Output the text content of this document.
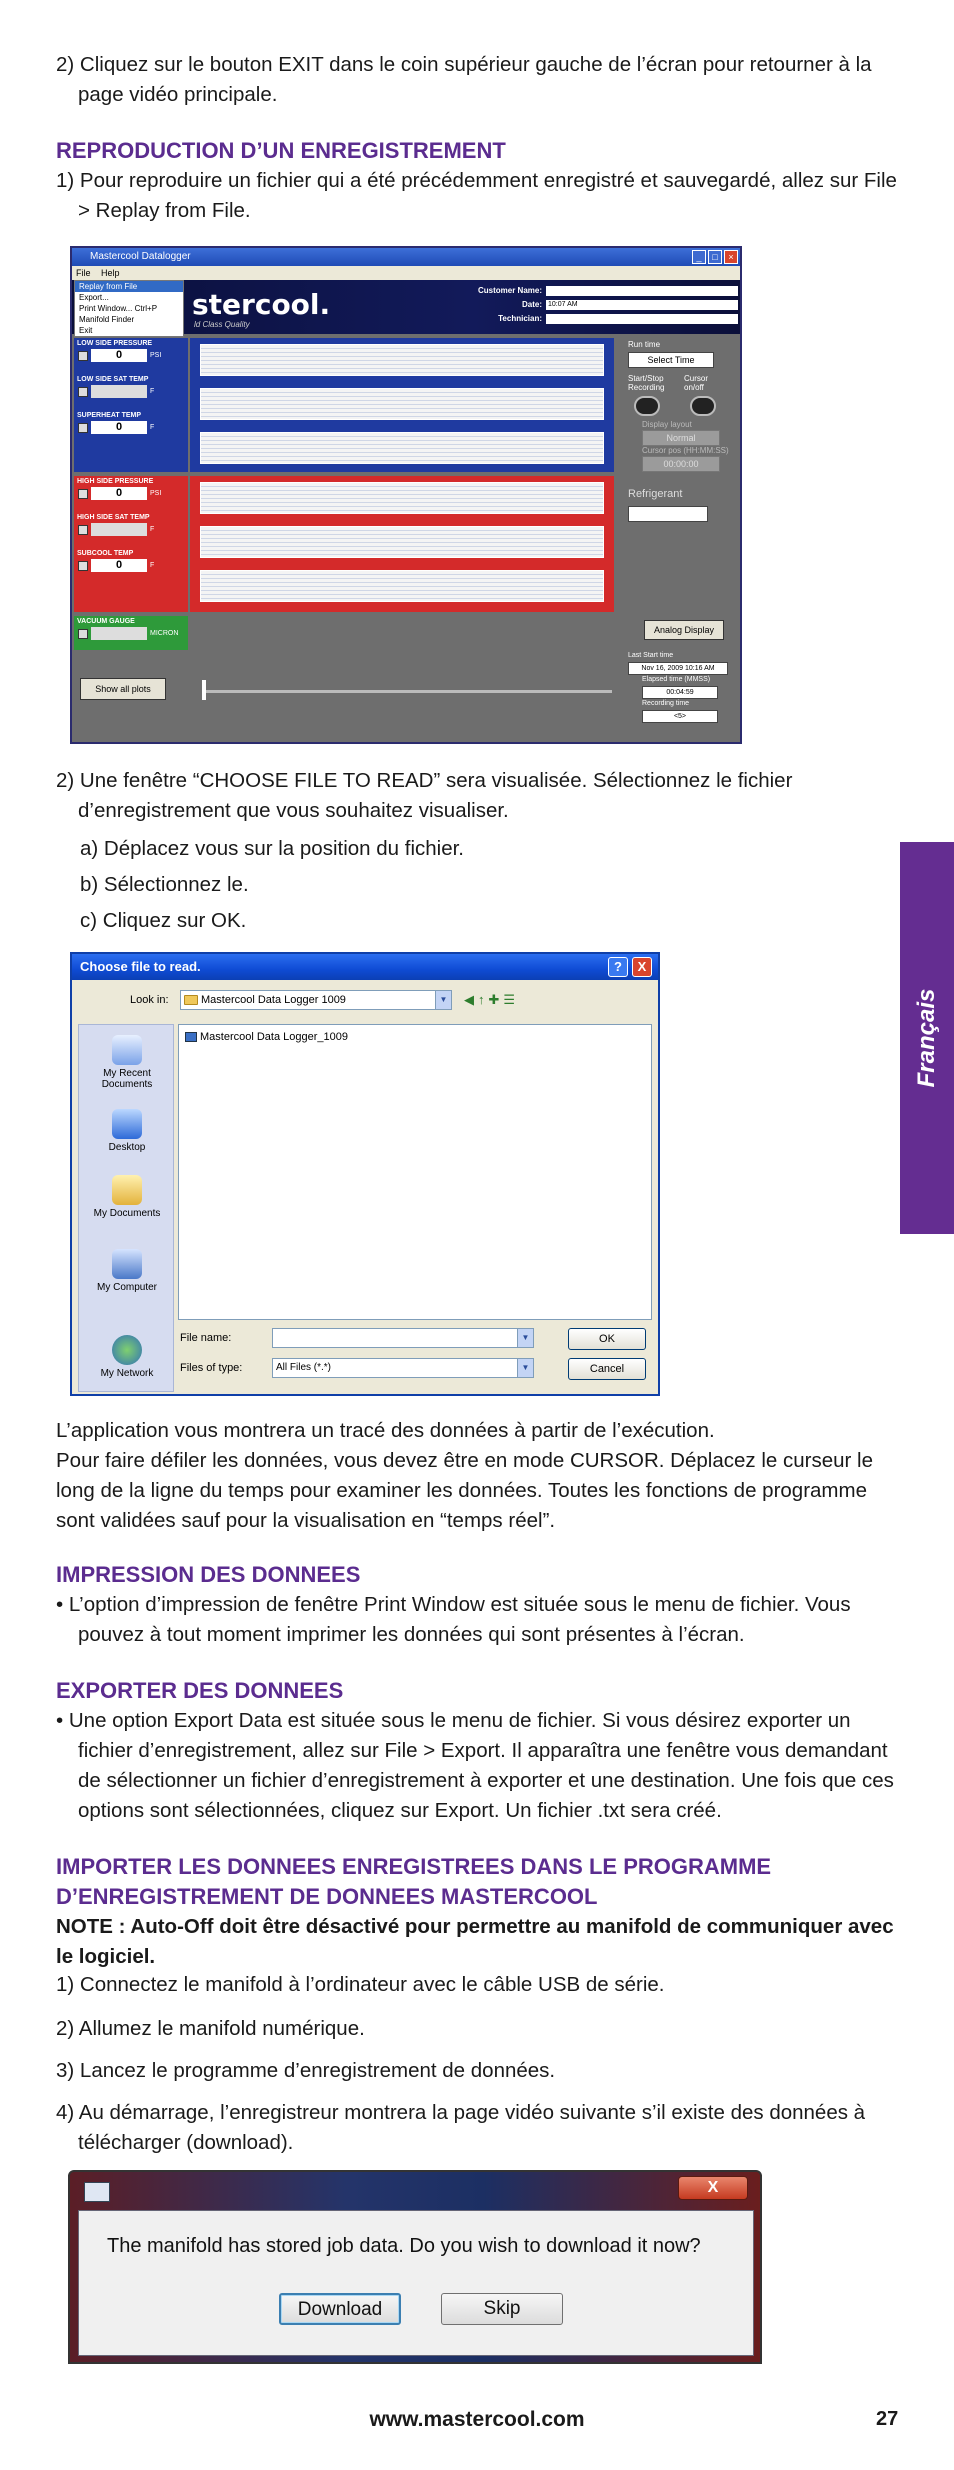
2) Cliquez sur le bouton EXIT dans le coin supérieur gauche de l’écran pour retourner à la page vidéo principale.
REPRODUCTION D’UN ENREGISTREMENT
1) Pour reproduire un fichier qui a été précédemment enregistré et sauvegardé, allez sur File > Replay from File.
Mastercool Datalogger	_	□	×
File Help
Replay from File
Export...
Print Window... Ctrl+P
Manifold Finder
Exit
stercool.
ld Class Quality
Customer Name:
Date: 10:07 AM
Technician:
LOW SIDE PRESSURE
0	PSI
LOW SIDE SAT TEMP
F
SUPERHEAT TEMP
0	F
HIGH SIDE PRESSURE
0	PSI
HIGH SIDE SAT TEMP
F
SUBCOOL TEMP
0	F
VACUUM GAUGE
MICRON
Run time
Select Time
Start/Stop Recording
Cursor on/off
Display layout
Normal
Cursor pos (HH:MM:SS)
00:00:00
Refrigerant
Analog Display
Last Start time
Nov 16, 2009 10:16 AM
Elapsed time (MMSS)
00:04:59
Recording time
<5>
Show all plots
2) Une fenêtre “CHOOSE FILE TO READ” sera visualisée. Sélectionnez le fichier d’enregistrement que vous souhaitez visualiser.
a) Déplacez vous sur la position du fichier.
b) Sélectionnez le.
c) Cliquez sur OK.
Choose file to read.	?	X
Look in:	Mastercool Data Logger 1009	▼ ◀↑✚☰
My Recent Documents
Desktop
My Documents
My Computer
My Network
Mastercool Data Logger_1009
File name:	▼
Files of type:	All Files (*.*)	▼
OK
Cancel
L’application vous montrera un tracé des données à partir de l’exécution.
Pour faire défiler les données, vous devez être en mode CURSOR. Déplacez le curseur le long de la ligne du temps pour examiner les données. Toutes les fonctions de programme sont validées sauf pour la visualisation en “temps réel”.
IMPRESSION DES DONNEES
• L’option d’impression de fenêtre Print Window est située sous le menu de fichier. Vous pouvez à tout moment imprimer les données qui sont présentes à l’écran.
EXPORTER DES DONNEES
• Une option Export Data est située sous le menu de fichier. Si vous désirez exporter un fichier d’enregistrement, allez sur File > Export. Il apparaîtra une fenêtre vous demandant de sélectionner un fichier d’enregistrement à exporter et une destination. Une fois que ces options sont sélectionnées, cliquez sur Export. Un fichier .txt sera créé.
IMPORTER LES DONNEES ENREGISTREES DANS LE PROGRAMME
D’ENREGISTREMENT DE DONNEES MASTERCOOL
NOTE : Auto-Off doit être désactivé pour permettre au manifold de communiquer avec le logiciel.
1) Connectez le manifold à l’ordinateur avec le câble USB de série.
2) Allumez le manifold numérique.
3) Lancez le programme d’enregistrement de données.
4) Au démarrage, l’enregistreur montrera la page vidéo suivante s’il existe des données à télécharger (download).
X
The manifold has stored job data. Do you wish to download it now?
Download	Skip
Français
www.mastercool.com	27
